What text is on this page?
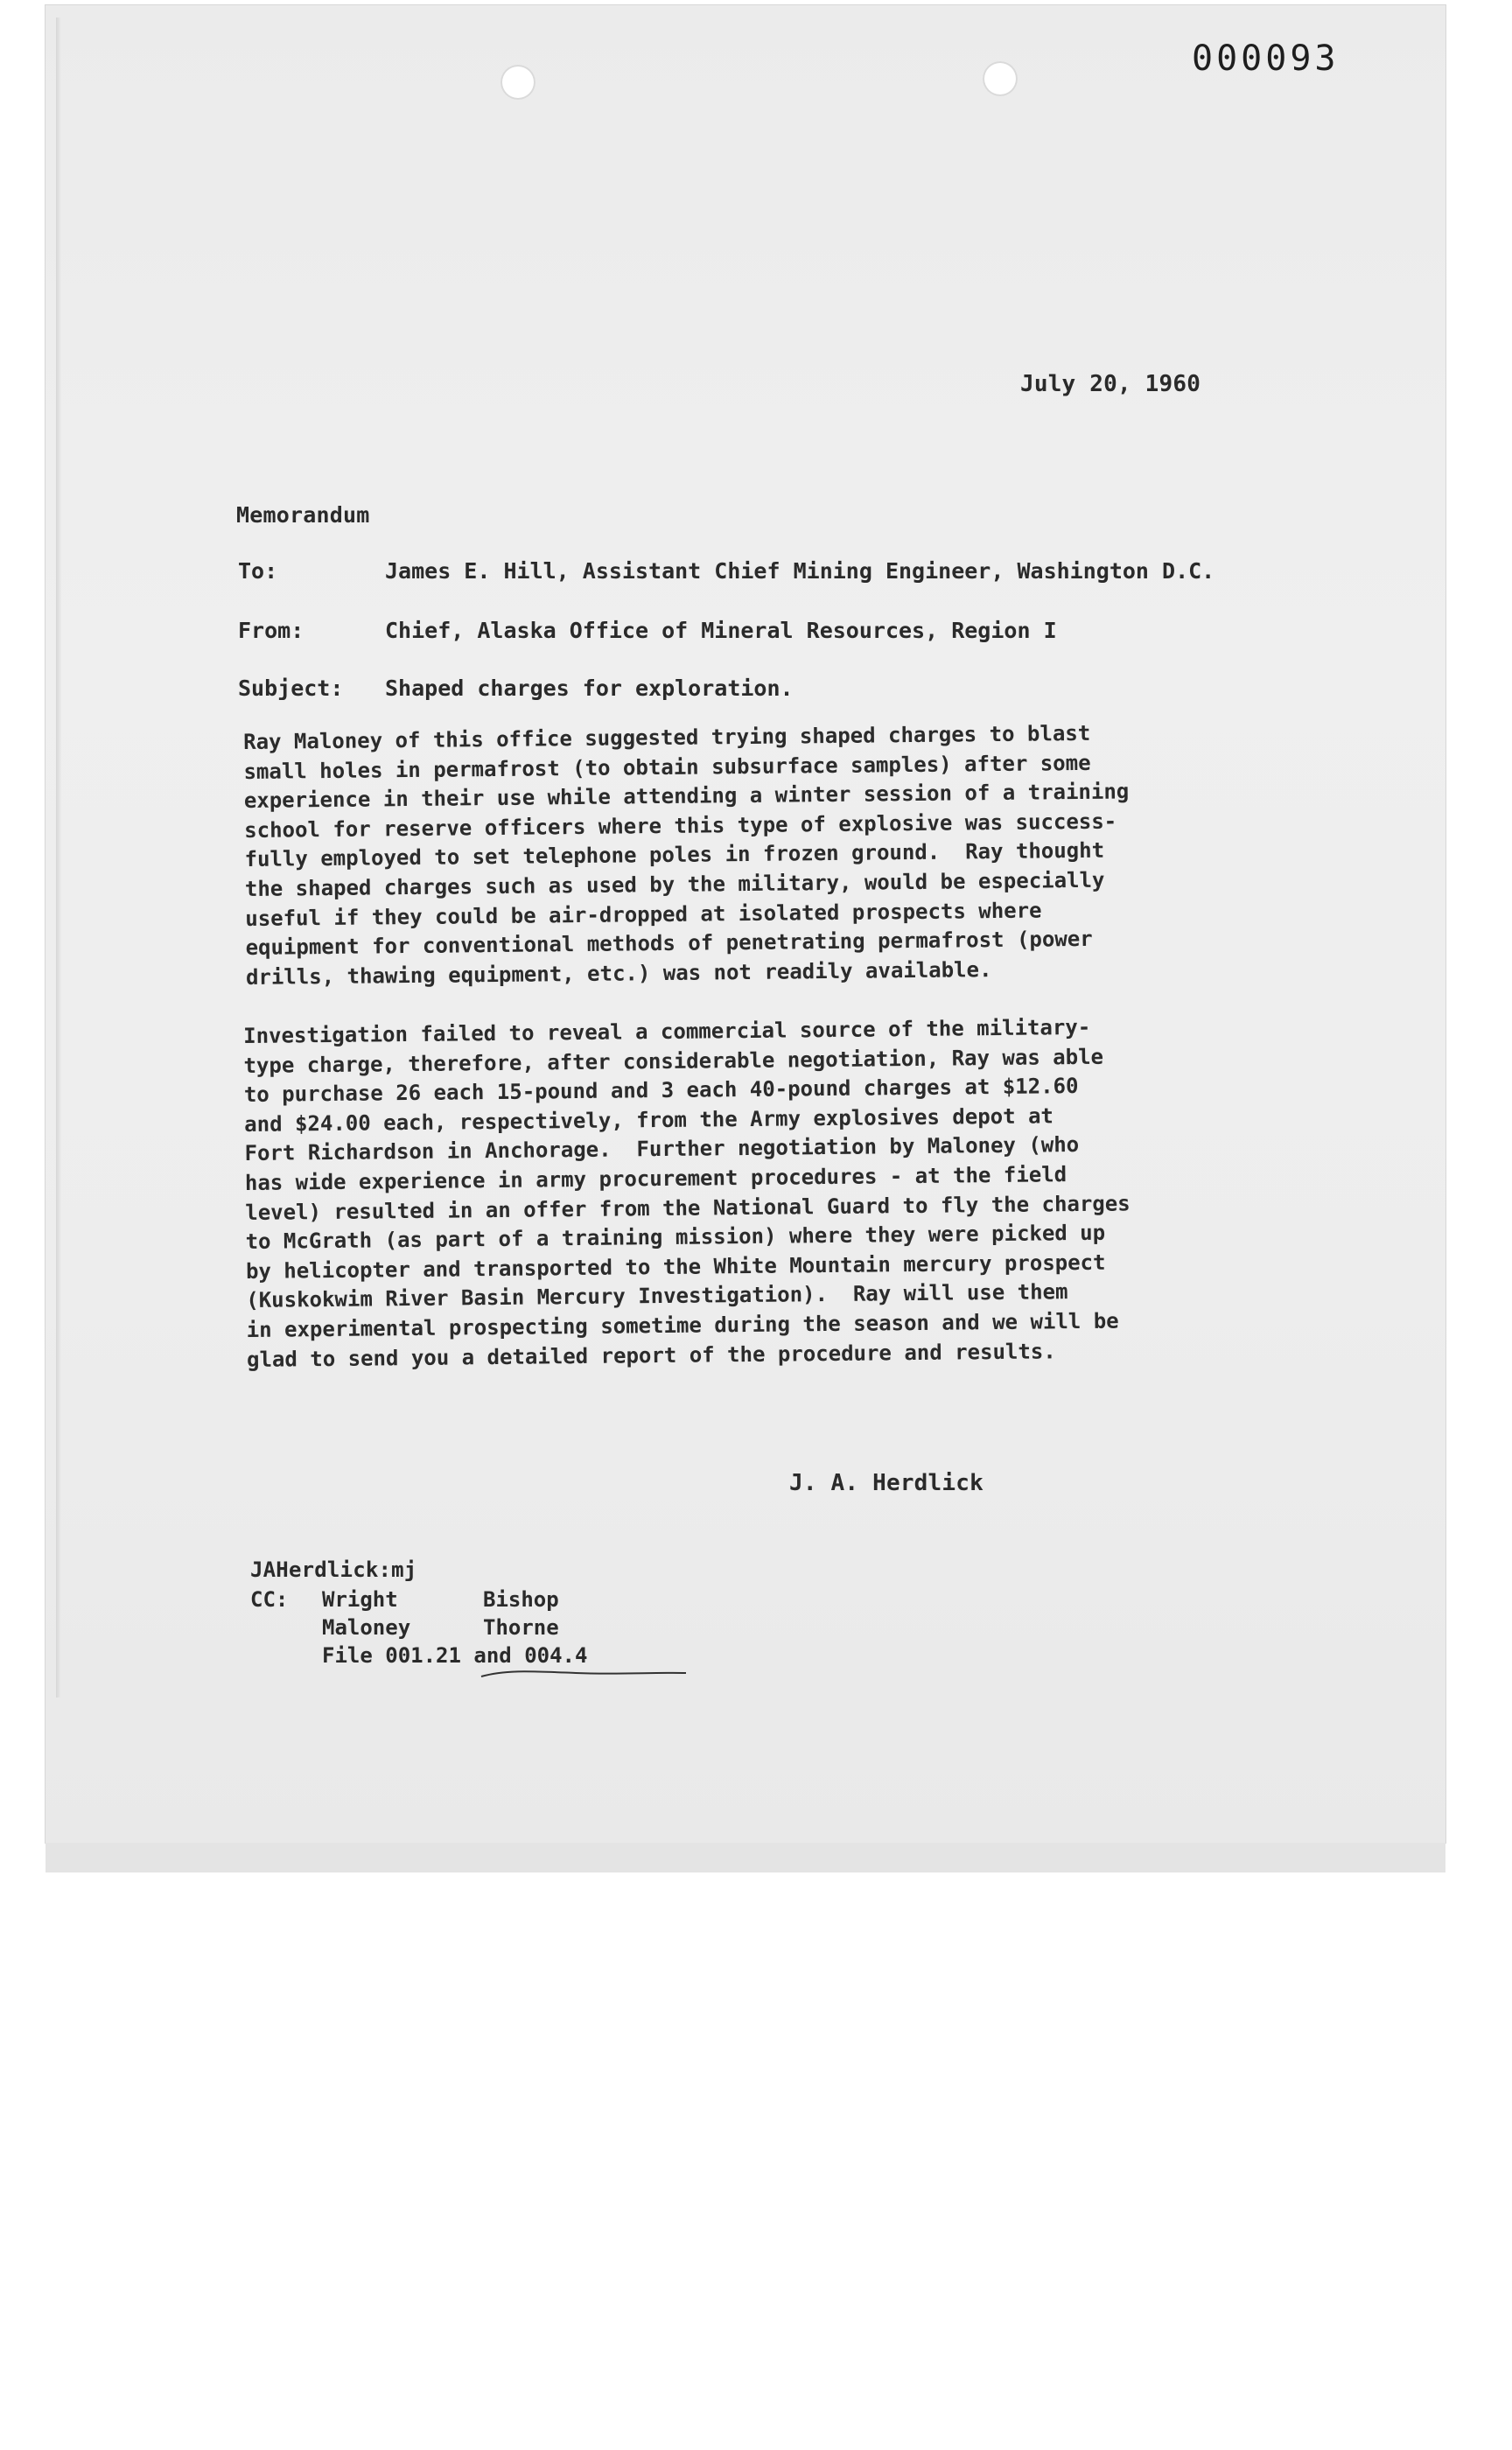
000093
July 20, 1960
Memorandum
To:	James E. Hill, Assistant Chief Mining Engineer, Washington D.C.
From:	Chief, Alaska Office of Mineral Resources, Region I
Subject:	Shaped charges for exploration.
Ray Maloney of this office suggested trying shaped charges to blast
small holes in permafrost (to obtain subsurface samples) after some
experience in their use while attending a winter session of a training
school for reserve officers where this type of explosive was success-
fully employed to set telephone poles in frozen ground.  Ray thought
the shaped charges such as used by the military, would be especially
useful if they could be air-dropped at isolated prospects where
equipment for conventional methods of penetrating permafrost (power
drills, thawing equipment, etc.) was not readily available.
Investigation failed to reveal a commercial source of the military-
type charge, therefore, after considerable negotiation, Ray was able
to purchase 26 each 15-pound and 3 each 40-pound charges at $12.60
and $24.00 each, respectively, from the Army explosives depot at
Fort Richardson in Anchorage.  Further negotiation by Maloney (who
has wide experience in army procurement procedures - at the field
level) resulted in an offer from the National Guard to fly the charges
to McGrath (as part of a training mission) where they were picked up
by helicopter and transported to the White Mountain mercury prospect
(Kuskokwim River Basin Mercury Investigation).  Ray will use them
in experimental prospecting sometime during the season and we will be
glad to send you a detailed report of the procedure and results.
J. A. Herdlick
JAHerdlick:mj
CC:	Wright	Bishop
Maloney	Thorne
File 001.21 and 004.4
